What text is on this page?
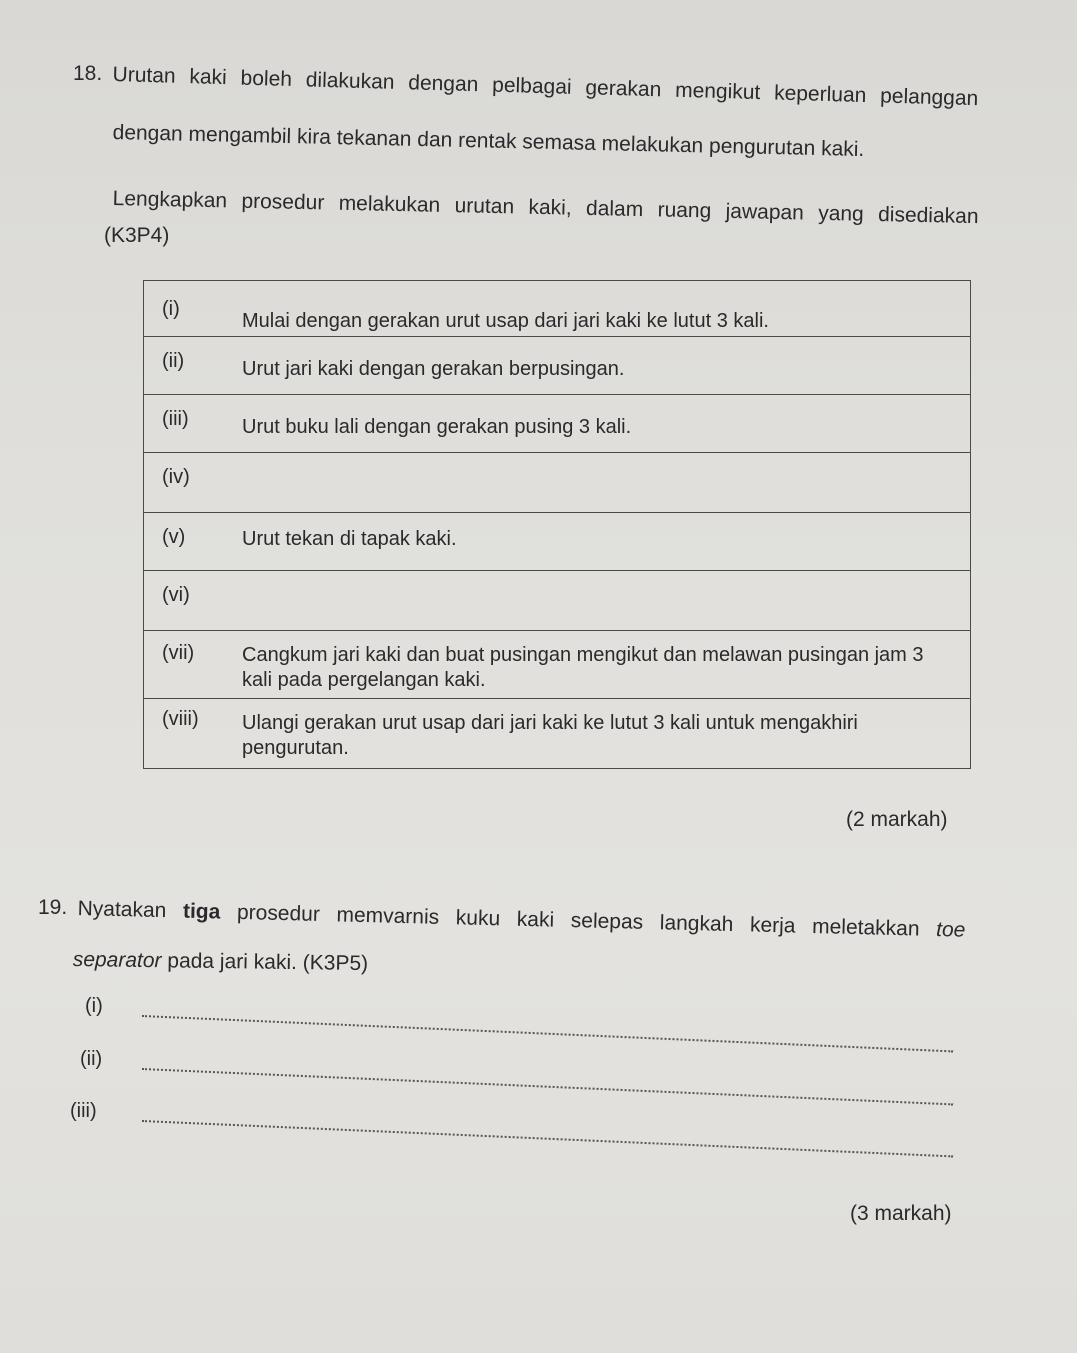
18. Urutan kaki boleh dilakukan dengan pelbagai gerakan mengikut keperluan pelanggan
dengan mengambil kira tekanan dan rentak semasa melakukan pengurutan kaki.
Lengkapkan prosedur melakukan urutan kaki, dalam ruang jawapan yang disediakan
(K3P4)
(i)	Mulai dengan gerakan urut usap dari jari kaki ke lutut 3 kali.
(ii)	Urut jari kaki dengan gerakan berpusingan.
(iii)	Urut buku lali dengan gerakan pusing 3 kali.
(iv)	
(v)	Urut tekan di tapak kaki.
(vi)	
(vii)	Cangkum jari kaki dan buat pusingan mengikut dan melawan pusingan jam 3 kali pada pergelangan kaki.
(viii)	Ulangi gerakan urut usap dari jari kaki ke lutut 3 kali untuk mengakhiri pengurutan.
(2 markah)
19. Nyatakan tiga prosedur memvarnis kuku kaki selepas langkah kerja meletakkan toe
separator pada jari kaki. (K3P5)
(i)
(ii)
(iii)
(3 markah)
